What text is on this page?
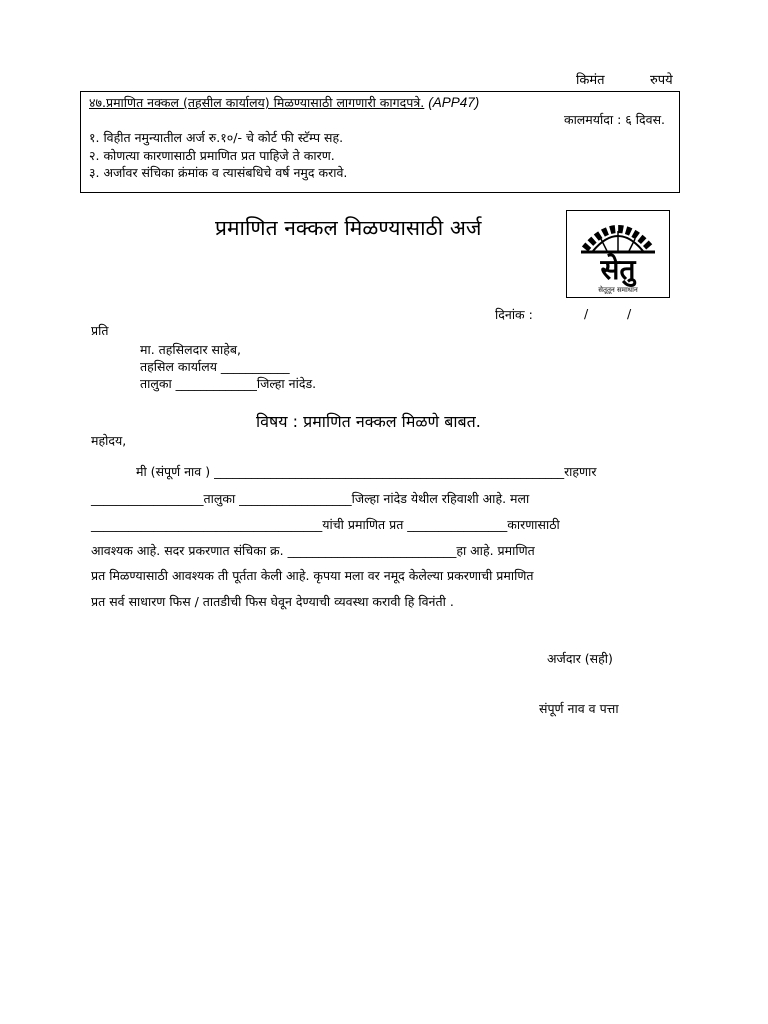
किमंत	रुपये
४७.प्रमाणित नक्कल (तहसील कार्यालय) मिळण्यासाठी लागणारी कागदपत्रे. (APP47)
कालमर्यादा : ६ दिवस.
१. विहीत नमुन्यातील अर्ज रु.१०/- चे कोर्ट फी स्टॅम्प सह.
२. कोणत्या कारणासाठी प्रमाणित प्रत पाहिजे ते कारण.
३. अर्जावर संचिका क्रंमांक व त्यासंबधिचे वर्ष नमुद करावे.
प्रमाणित नक्कल मिळण्यासाठी अर्ज
सेतु
सेतूतून समाधान
दिनांक :	/	/
प्रति
मा. तहसिलदार साहेब,
तहसिल कार्यालय ___________
तालुका _____________जिल्हा नांदेड.
विषय : प्रमाणित नक्कल मिळणे बाबत.
महोदय,
मी (संपूर्ण नाव ) ________________________________________________________राहणार
__________________तालुका __________________जिल्हा नांदेड येथील रहिवाशी आहे. मला
_____________________________________यांची प्रमाणित प्रत ________________कारणासाठी
आवश्यक आहे. सदर प्रकरणात संचिका क्र. ___________________________हा आहे. प्रमाणित
प्रत मिळण्यासाठी आवश्यक ती पूर्तता केली आहे. कृपया मला वर नमूद केलेल्या प्रकरणाची प्रमाणित
प्रत सर्व साधारण फिस / तातडीची फिस घेवून देण्याची व्यवस्था करावी हि विनंती .
अर्जदार (सही)
संपूर्ण नाव व पत्ता
